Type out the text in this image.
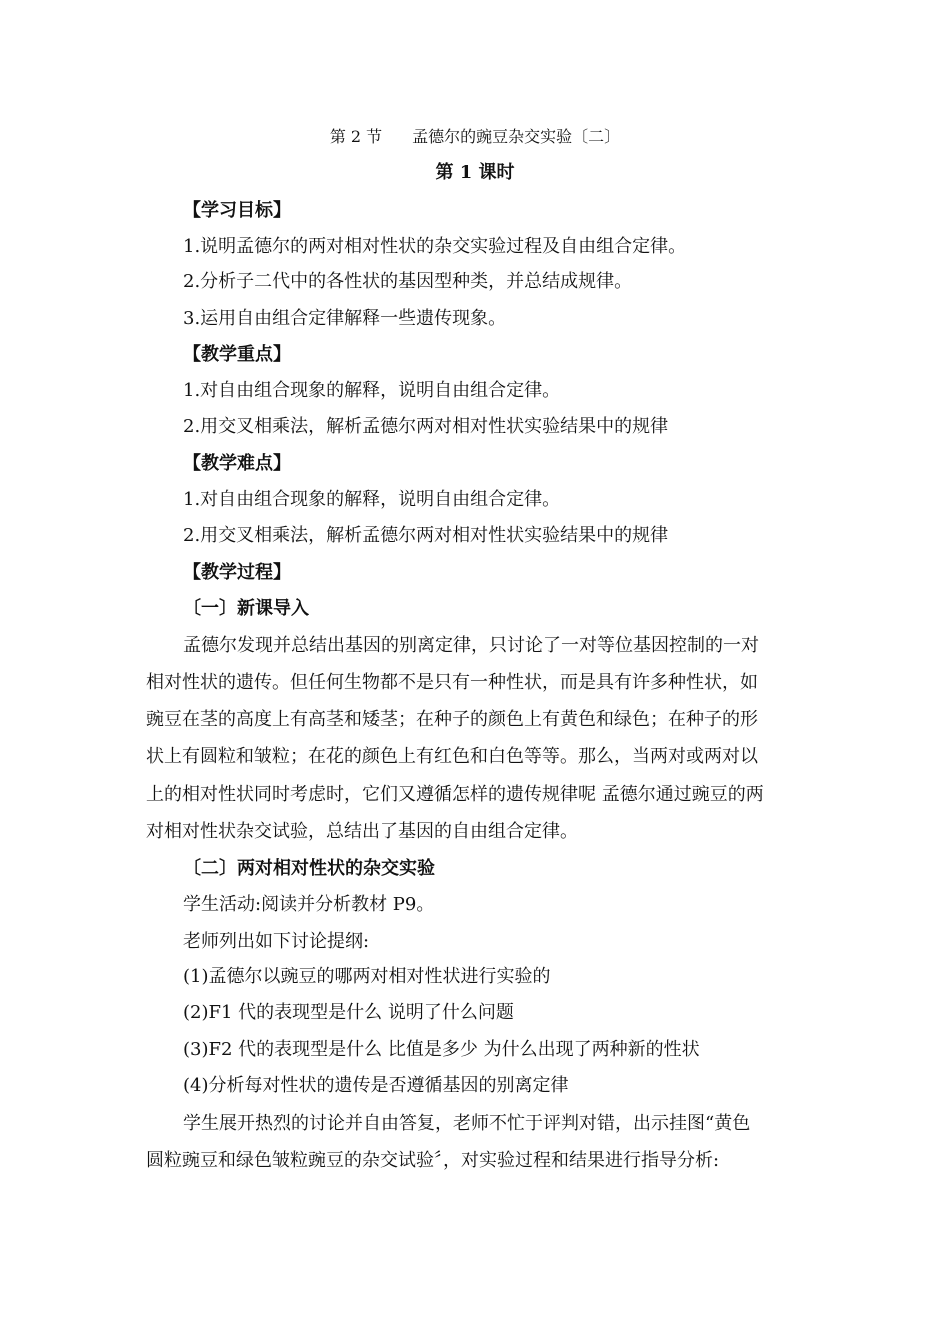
第 2 节 孟德尔的豌豆杂交实验〔二〕
第 1 课时
【学习目标】
1.说明孟德尔的两对相对性状的杂交实验过程及自由组合定律。
2.分析子二代中的各性状的基因型种类，并总结成规律。
3.运用自由组合定律解释一些遗传现象。
【教学重点】
1.对自由组合现象的解释，说明自由组合定律。
2.用交叉相乘法，解析孟德尔两对相对性状实验结果中的规律
【教学难点】
1.对自由组合现象的解释，说明自由组合定律。
2.用交叉相乘法，解析孟德尔两对相对性状实验结果中的规律
【教学过程】
〔一〕新课导入
孟德尔发现并总结出基因的别离定律，只讨论了一对等位基因控制的一对
相对性状的遗传。但任何生物都不是只有一种性状，而是具有许多种性状，如
豌豆在茎的高度上有高茎和矮茎；在种子的颜色上有黄色和绿色；在种子的形
状上有圆粒和皱粒；在花的颜色上有红色和白色等等。那么，当两对或两对以
上的相对性状同时考虑时，它们又遵循怎样的遗传规律呢 孟德尔通过豌豆的两
对相对性状杂交试验，总结出了基因的自由组合定律。
〔二〕两对相对性状的杂交实验
学生活动:阅读并分析教材 P9。
老师列出如下讨论提纲:
(1)孟德尔以豌豆的哪两对相对性状进行实验的
(2)F1 代的表现型是什么 说明了什么问题
(3)F2 代的表现型是什么 比值是多少 为什么出现了两种新的性状
(4)分析每对性状的遗传是否遵循基因的别离定律
学生展开热烈的讨论并自由答复，老师不忙于评判对错，出示挂图“黄色
圆粒豌豆和绿色皱粒豌豆的杂交试验〞，对实验过程和结果进行指导分析:
